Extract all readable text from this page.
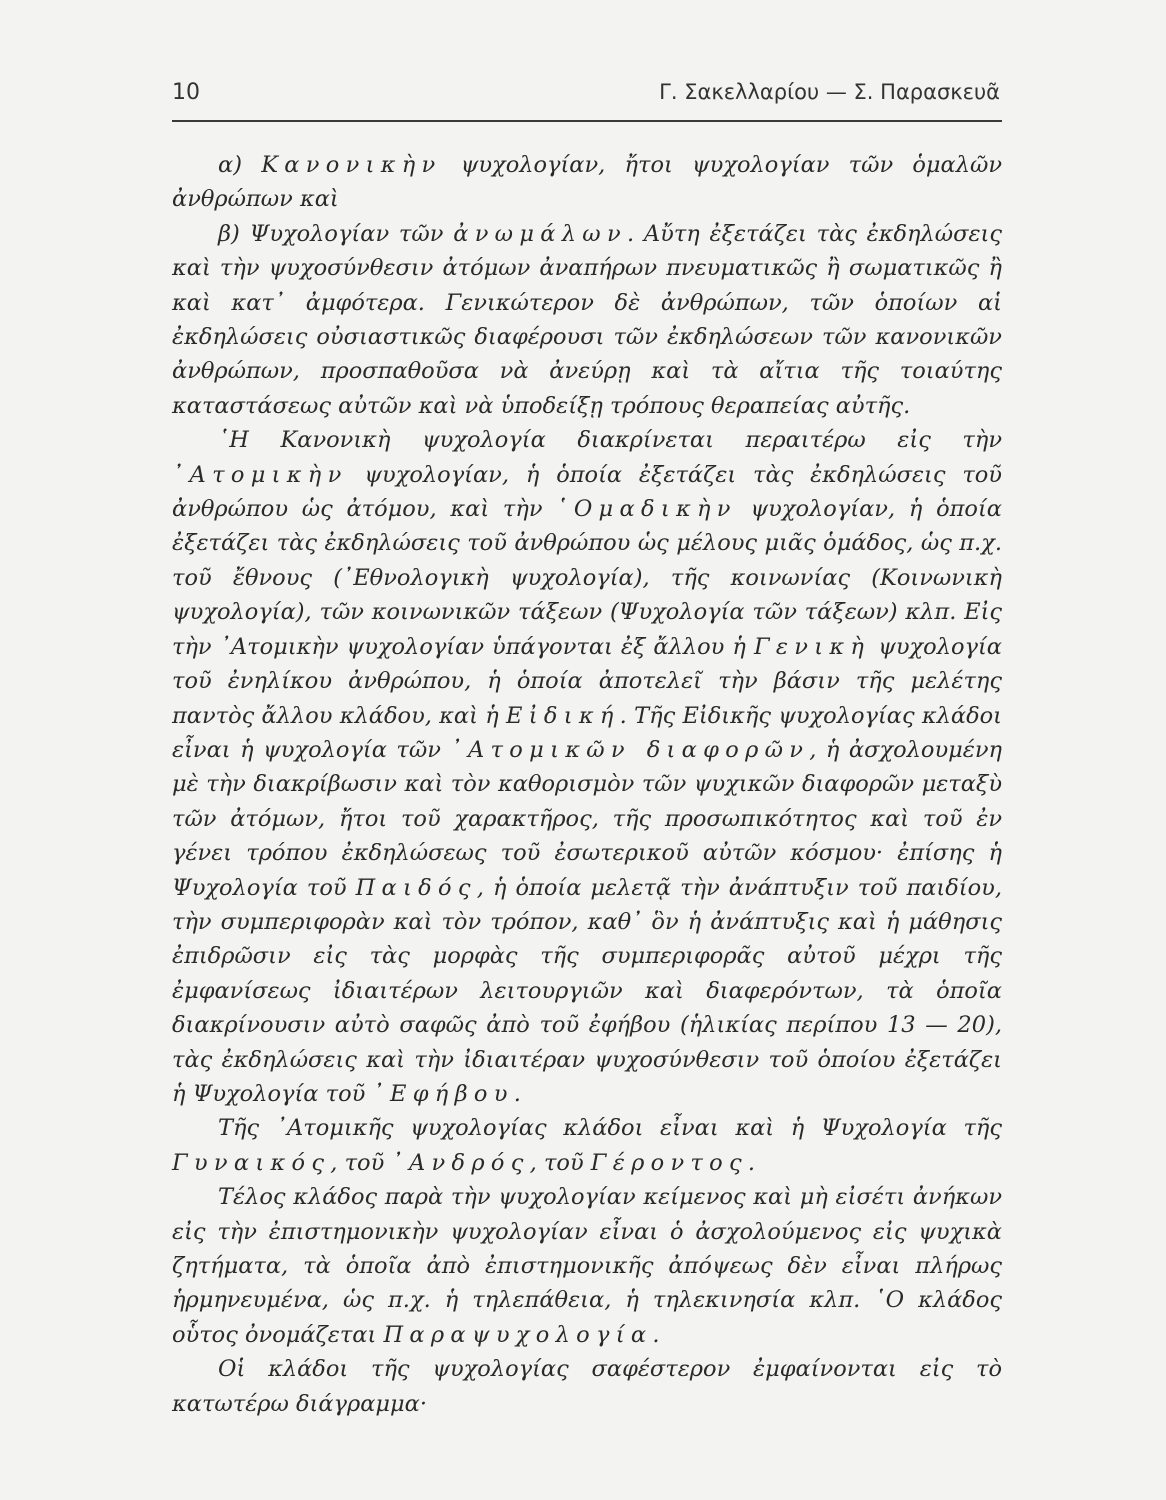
10	Γ. Σακελλαρίου — Σ. Παρασκευᾶ

α) Κανονικὴν ψυχολογίαν, ἤτοι ψυχολογίαν τῶν ὁμαλῶν ἀνθρώπων καὶ

β) Ψυχολογίαν τῶν ἀνωμάλων. Αὔτη ἐξετάζει τὰς ἐκδηλώσεις καὶ τὴν ψυχοσύνθεσιν ἀτόμων ἀναπήρων πνευματικῶς ἢ σωματικῶς ἢ καὶ κατ᾽ ἀμφότερα. Γενικώτερον δὲ ἀνθρώπων, τῶν ὁποίων αἱ ἐκδηλώσεις οὐσιαστικῶς διαφέρουσι τῶν ἐκδηλώσεων τῶν κανονικῶν ἀνθρώπων, προσπαθοῦσα νὰ ἀνεύρῃ καὶ τὰ αἴτια τῆς τοιαύτης καταστάσεως αὐτῶν καὶ νὰ ὑποδείξῃ τρόπους θεραπείας αὐτῆς.

῾Η Κανονικὴ ψυχολογία διακρίνεται περαιτέρω εἰς τὴν ᾽Ατομικὴν ψυχολογίαν, ἡ ὁποία ἐξετάζει τὰς ἐκδηλώσεις τοῦ ἀνθρώπου ὡς ἀτόμου, καὶ τὴν ῾Ομαδικὴν ψυχολογίαν, ἡ ὁποία ἐξετάζει τὰς ἐκδηλώσεις τοῦ ἀνθρώπου ὡς μέλους μιᾶς ὁμάδος, ὡς π.χ. τοῦ ἔθνους (᾽Εθνολογικὴ ψυχολογία), τῆς κοινωνίας (Κοινωνικὴ ψυχολογία), τῶν κοινωνικῶν τάξεων (Ψυχολογία τῶν τάξεων) κλπ. Εἰς τὴν ᾽Ατομικὴν ψυχολογίαν ὑπάγονται ἐξ ἄλλου ἡ Γενικὴ ψυχολογία τοῦ ἐνηλίκου ἀνθρώπου, ἡ ὁποία ἀποτελεῖ τὴν βάσιν τῆς μελέτης παντὸς ἄλλου κλάδου, καὶ ἡ Εἰδική. Τῆς Εἰδικῆς ψυχολογίας κλάδοι εἶναι ἡ ψυχολογία τῶν ᾽Ατομικῶν διαφορῶν, ἡ ἀσχολουμένη μὲ τὴν διακρίβωσιν καὶ τὸν καθορισμὸν τῶν ψυχικῶν διαφορῶν μεταξὺ τῶν ἀτόμων, ἤτοι τοῦ χαρακτῆρος, τῆς προσωπικότητος καὶ τοῦ ἐν γένει τρόπου ἐκδηλώσεως τοῦ ἐσωτερικοῦ αὐτῶν κόσμου· ἐπίσης ἡ Ψυχολογία τοῦ Παιδός, ἡ ὁποία μελετᾷ τὴν ἀνάπτυξιν τοῦ παιδίου, τὴν συμπεριφορὰν καὶ τὸν τρόπον, καθ᾽ ὃν ἡ ἀνάπτυξις καὶ ἡ μάθησις ἐπιδρῶσιν εἰς τὰς μορφὰς τῆς συμπεριφορᾶς αὐτοῦ μέχρι τῆς ἐμφανίσεως ἰδιαιτέρων λειτουργιῶν καὶ διαφερόντων, τὰ ὁποῖα διακρίνουσιν αὐτὸ σαφῶς ἀπὸ τοῦ ἐφήβου (ἡλικίας περίπου 13 — 20), τὰς ἐκδηλώσεις καὶ τὴν ἰδιαιτέραν ψυχοσύνθεσιν τοῦ ὁποίου ἐξετάζει ἡ Ψυχολογία τοῦ ᾽Εφήβου.

Τῆς ᾽Ατομικῆς ψυχολογίας κλάδοι εἶναι καὶ ἡ Ψυχολογία τῆς Γυναικός, τοῦ ᾽Ανδρός, τοῦ Γέροντος.

Τέλος κλάδος παρὰ τὴν ψυχολογίαν κείμενος καὶ μὴ εἰσέτι ἀνήκων εἰς τὴν ἐπιστημονικὴν ψυχολογίαν εἶναι ὁ ἀσχολούμενος εἰς ψυχικὰ ζητήματα, τὰ ὁποῖα ἀπὸ ἐπιστημονικῆς ἀπόψεως δὲν εἶναι πλήρως ἡρμηνευμένα, ὡς π.χ. ἡ τηλεπάθεια, ἡ τηλεκινησία κλπ. ῾Ο κλάδος οὗτος ὀνομάζεται Παραψυχολογία.

Οἱ κλάδοι τῆς ψυχολογίας σαφέστερον ἐμφαίνονται εἰς τὸ κατωτέρω διάγραμμα·
